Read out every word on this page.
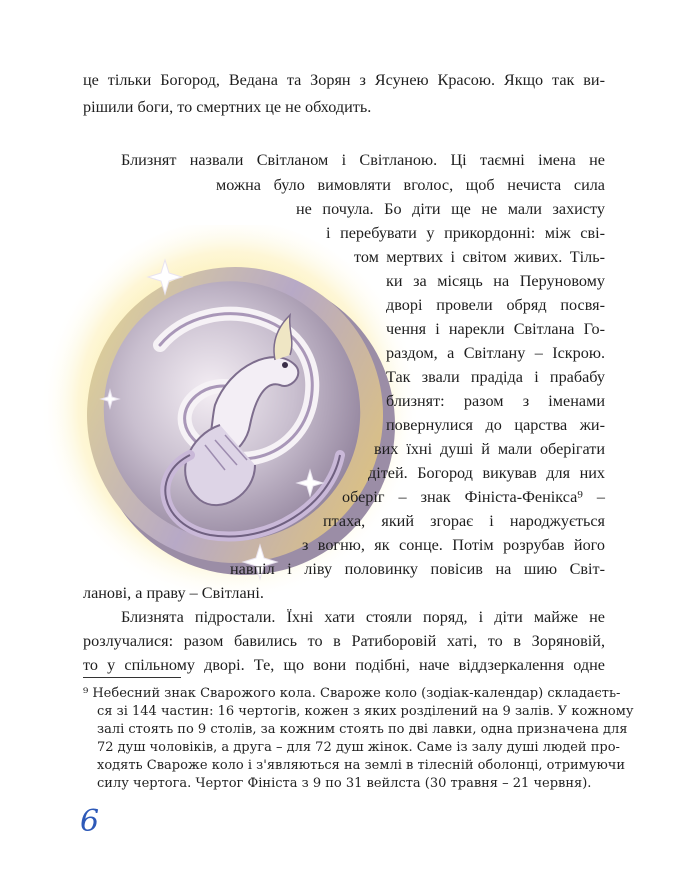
це тільки Богород, Ведана та Зорян з Ясунею Красою. Якщо так ви-
рішили боги, то смертних це не обходить.
Близнят назвали Світланом і Світланою. Ці таємні імена не
можна було вимовляти вголос, щоб нечиста сила
не почула. Бо діти ще не мали захисту
і перебувати у прикордонні: між сві-
том мертвих і світом живих. Тіль-
ки за місяць на Перуновому
дворі провели обряд посвя-
чення і нарекли Світлана Го-
раздом, а Світлану – Іскрою.
Так звали прадіда і прабабу
близнят: разом з іменами
повернулися до царства жи-
вих їхні душі й мали оберігати
дітей. Богород викував для них
оберіг – знак Фініста-Фенікса⁹ –
птаха, який згорає і народжується
з вогню, як сонце. Потім розрубав його
навпіл і ліву половинку повісив на шию Світ-
ланові, а праву – Світлані.
Близнята підростали. Їхні хати стояли поряд, і діти майже не
розлучалися: разом бавились то в Ратиборовій хаті, то в Зоряновій,
то у спільному дворі. Те, що вони подібні, наче віддзеркалення одне
⁹ Небесний знак Сварожого кола. Свароже коло (зодіак-календар) складаєть-
ся зі 144 частин: 16 чертогів, кожен з яких розділений на 9 залів. У кожному
залі стоять по 9 столів, за кожним стоять по дві лавки, одна призначена для
72 душ чоловіків, а друга – для 72 душ жінок. Саме із залу душі людей про-
ходять Свароже коло і з'являються на землі в тілесній оболонці, отримуючи
силу чертога. Чертог Фініста з 9 по 31 вейлста (30 травня – 21 червня).
6
